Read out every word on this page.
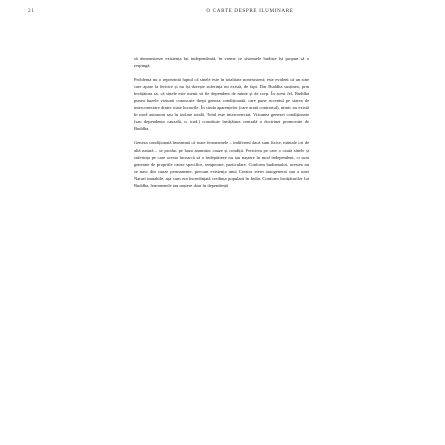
21	O CARTE DESPRE ILUMINARE

să demonstreze existența lui independentă, în vreme ce sistemele budiste își propun să o respingă.

Problema nu o reprezintă faptul că sinele este în totalitate nonexistent; este evident că un sine care apare la fericire și nu își dorește suferința nu există, de fapt. Dar Buddha susținea, prin învățătura sa, că sinele este menit să fie dependent de minte și de corp. În acest fel, Buddha punea bazele viziunii cunoscute drept geneza condiționată, care pune accentul pe starea de interconectare dintre toate lucrurile. În cinda aparențelor (care arată contrariul), nimic nu există în mod autonom sau în izolare totală. Totul este interconectat. Viziunea genezei condiționate (sau dependența cauzală, n. trad.) constituie învățătura centrală a doctrinei promovate de Buddha.

Geneza condiționată înseamnă că toate fenomenele – indiferent dacă sunt fizice, mintale ori de altă natură – se produc pe baza anumitor cauze și condiții. Fericirea pe care o caută sinele și suferința pe care acesta încearcă să o îndepărteze nu iau naștere în mod independent, ci sunt generate de propriile cauze specifice, temporare, particulare. Conform budismului, acestea nu se nasc din cauze permanente, precum existența unui Creator etern autogenerat sau a unei Naturi imuabile, așa cum era încredințată credința populară în India. Conform învățăturilor lui Buddha, fenomenele iau naștere doar în dependență
